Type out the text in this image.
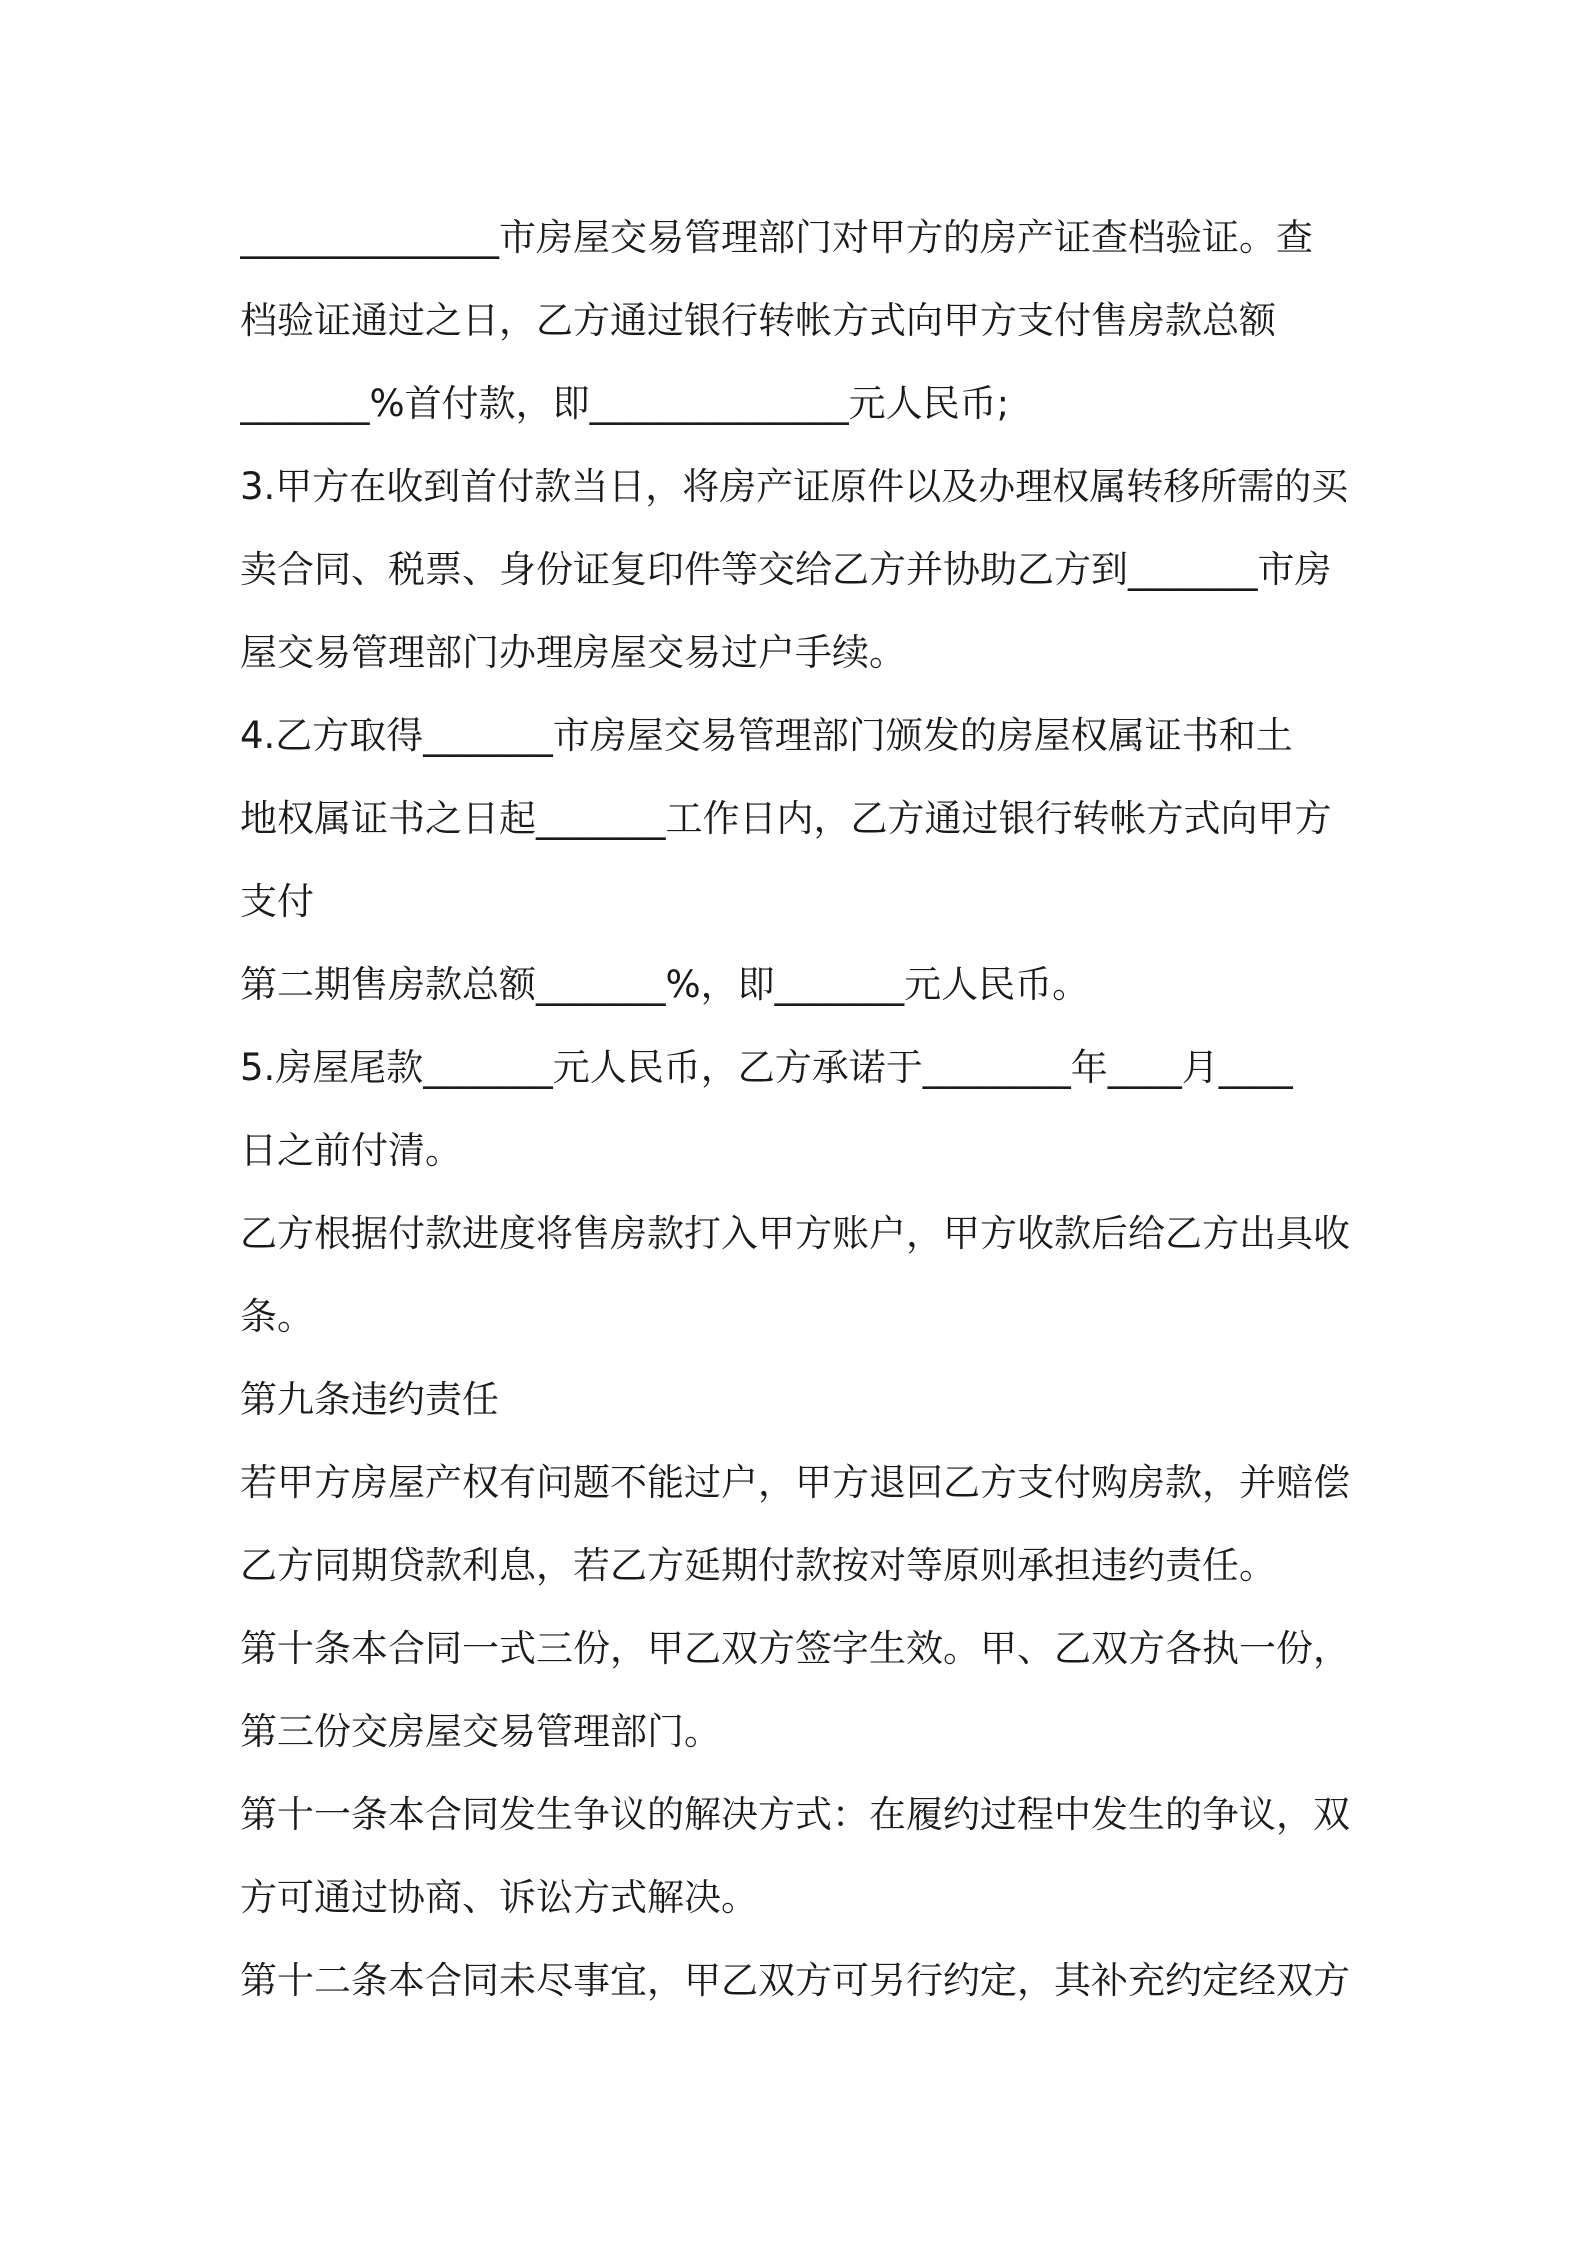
______________市房屋交易管理部门对甲方的房产证查档验证。查
档验证通过之日，乙方通过银行转帐方式向甲方支付售房款总额
_______%首付款，即______________元人民币;
3.甲方在收到首付款当日，将房产证原件以及办理权属转移所需的买
卖合同、税票、身份证复印件等交给乙方并协助乙方到_______市房
屋交易管理部门办理房屋交易过户手续。
4.乙方取得_______市房屋交易管理部门颁发的房屋权属证书和土
地权属证书之日起_______工作日内，乙方通过银行转帐方式向甲方
支付
第二期售房款总额_______%，即_______元人民币。
5.房屋尾款_______元人民币，乙方承诺于________年____月____
日之前付清。
乙方根据付款进度将售房款打入甲方账户，甲方收款后给乙方出具收
条。
第九条违约责任
若甲方房屋产权有问题不能过户，甲方退回乙方支付购房款，并赔偿
乙方同期贷款利息，若乙方延期付款按对等原则承担违约责任。
第十条本合同一式三份，甲乙双方签字生效。甲、乙双方各执一份，
第三份交房屋交易管理部门。
第十一条本合同发生争议的解决方式：在履约过程中发生的争议，双
方可通过协商、诉讼方式解决。
第十二条本合同未尽事宜，甲乙双方可另行约定，其补充约定经双方
